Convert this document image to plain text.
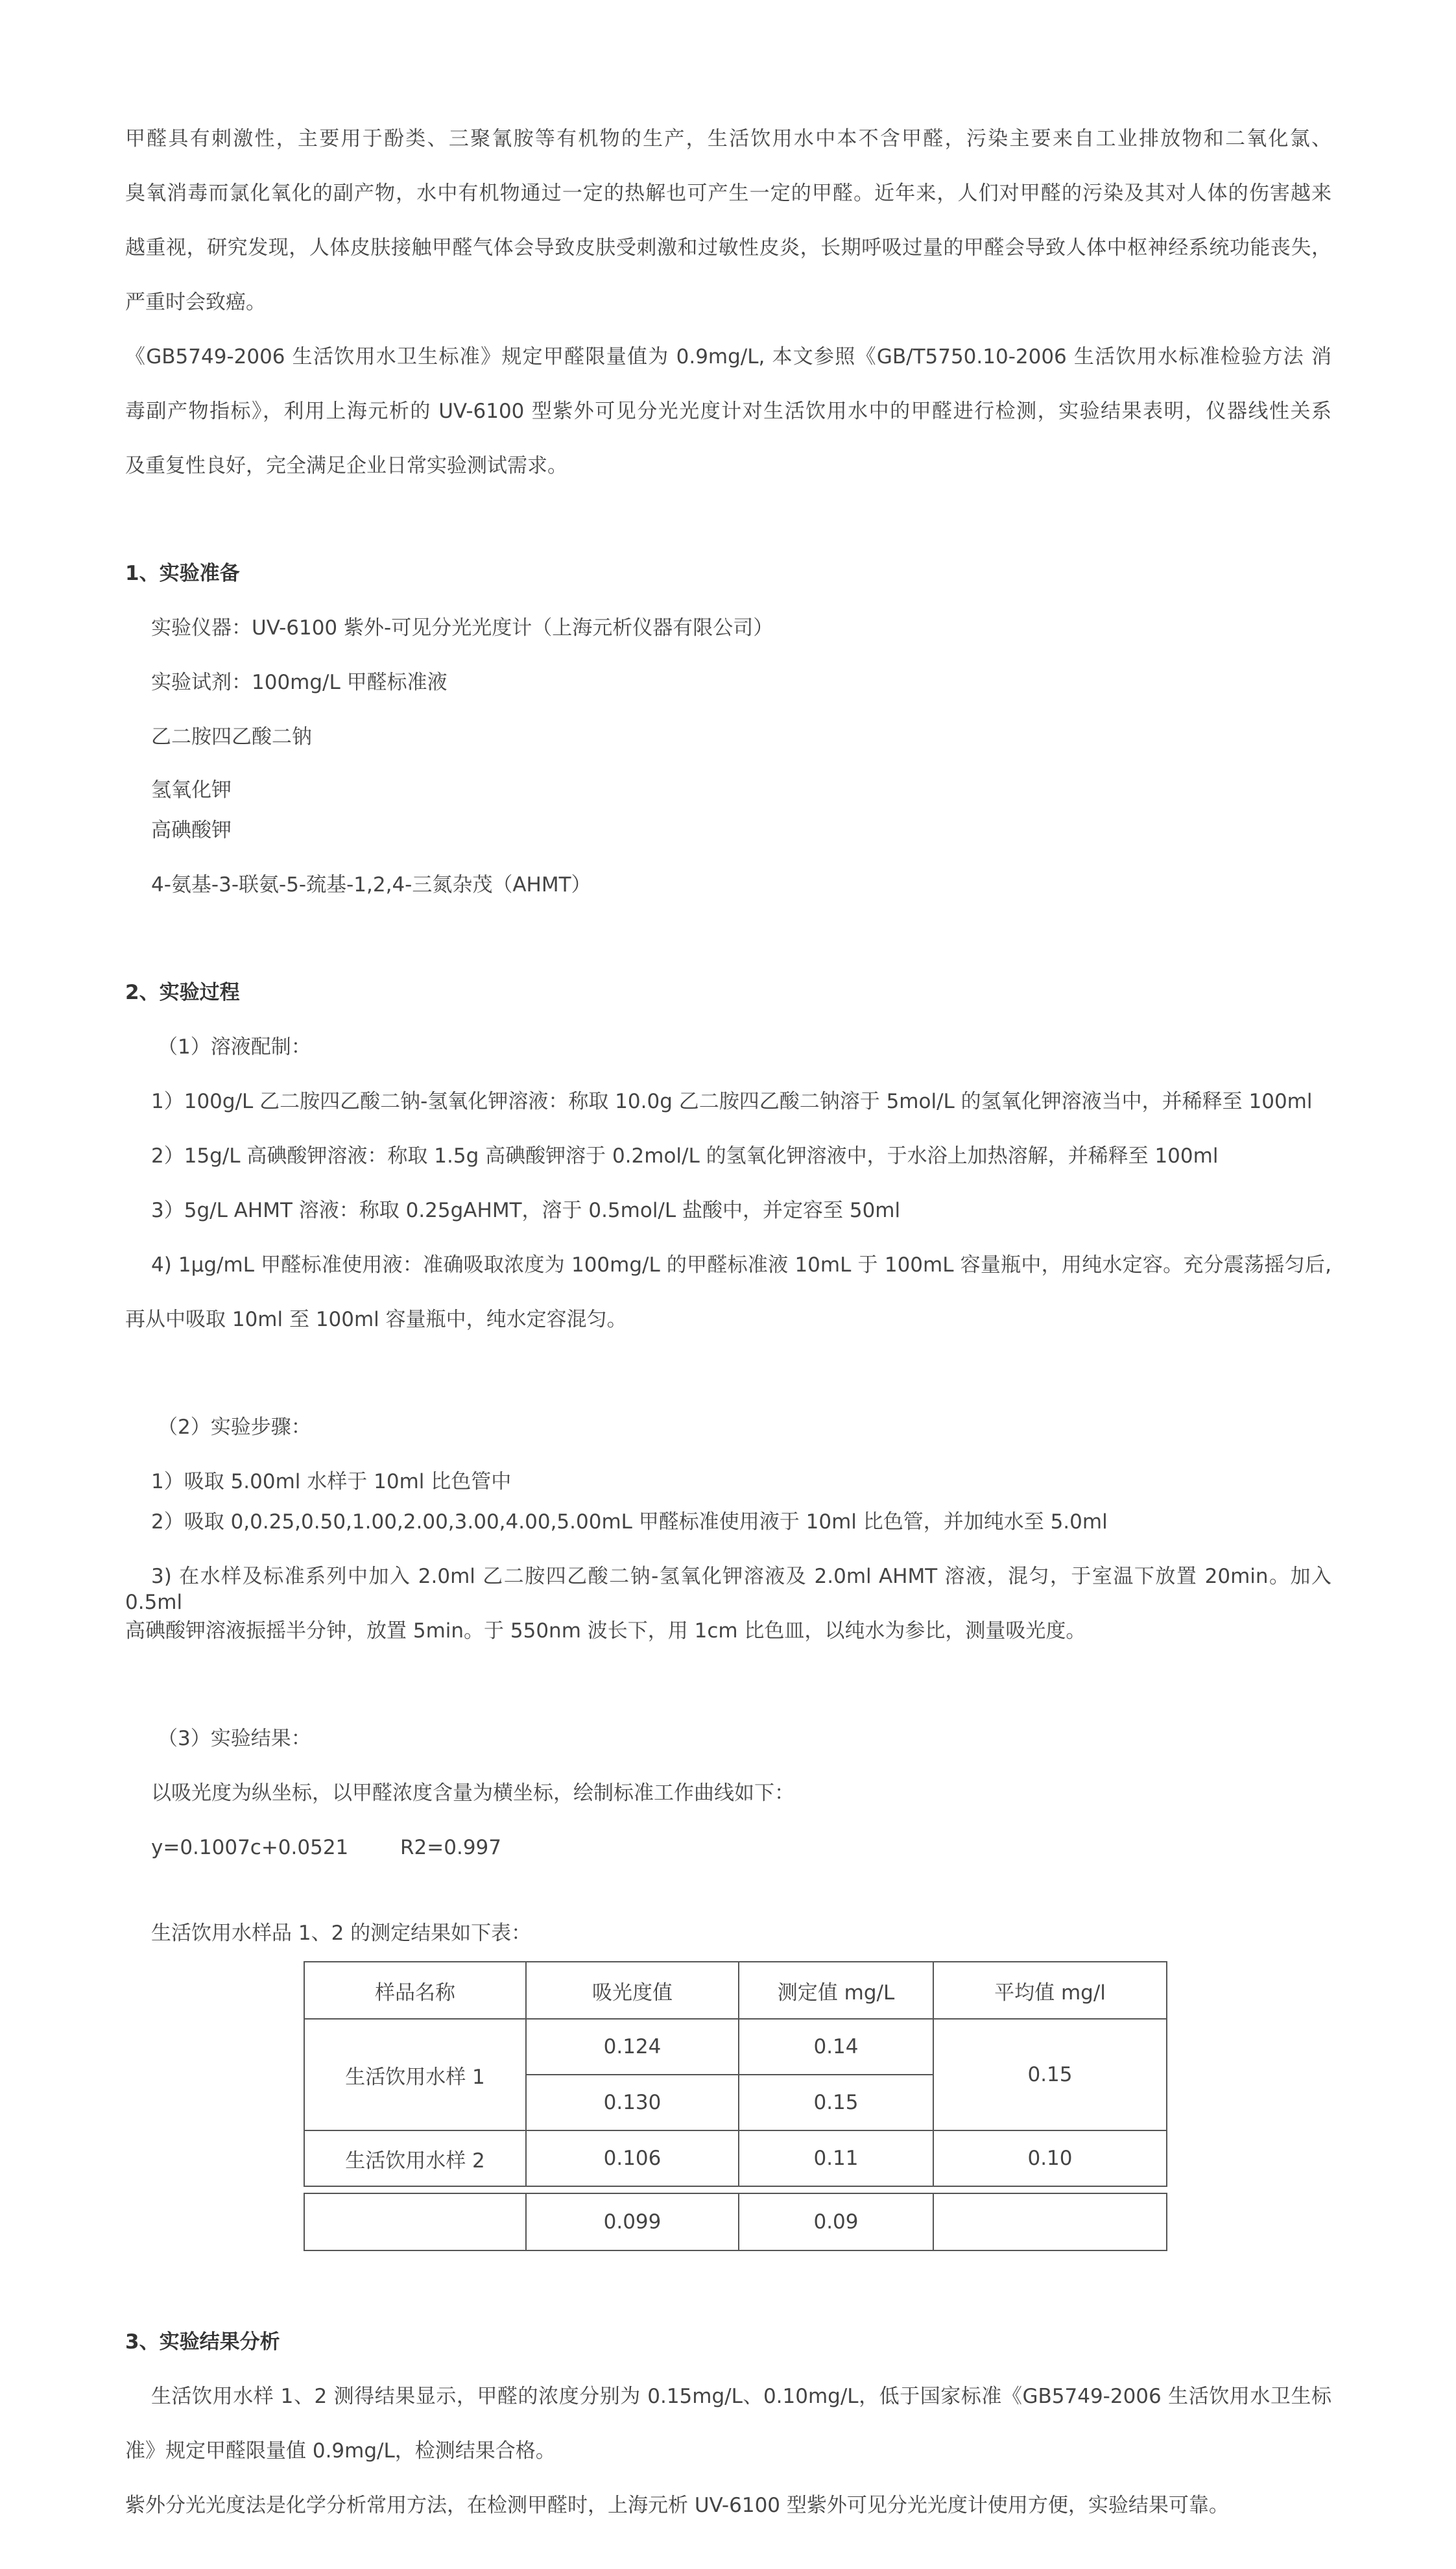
甲醛具有刺激性，主要用于酚类、三聚氰胺等有机物的生产，生活饮用水中本不含甲醛，污染主要来自工业排放物和二氧化氯、
臭氧消毒而氯化氧化的副产物，水中有机物通过一定的热解也可产生一定的甲醛。近年来，人们对甲醛的污染及其对人体的伤害越来
越重视，研究发现，人体皮肤接触甲醛气体会导致皮肤受刺激和过敏性皮炎，长期呼吸过量的甲醛会导致人体中枢神经系统功能丧失，
严重时会致癌。
《GB5749-2006 生活饮用水卫生标准》规定甲醛限量值为 0.9mg/L, 本文参照《GB/T5750.10-2006 生活饮用水标准检验方法 消
毒副产物指标》，利用上海元析的 UV-6100 型紫外可见分光光度计对生活饮用水中的甲醛进行检测，实验结果表明，仪器线性关系
及重复性良好，完全满足企业日常实验测试需求。
1、实验准备
实验仪器：UV-6100 紫外-可见分光光度计（上海元析仪器有限公司）
实验试剂：100mg/L 甲醛标准液
乙二胺四乙酸二钠
氢氧化钾
高碘酸钾
4-氨基-3-联氨-5-巯基-1,2,4-三氮杂茂（AHMT）
2、实验过程
（1）溶液配制：
1）100g/L 乙二胺四乙酸二钠-氢氧化钾溶液：称取 10.0g 乙二胺四乙酸二钠溶于 5mol/L 的氢氧化钾溶液当中，并稀释至 100ml
2）15g/L 高碘酸钾溶液：称取 1.5g 高碘酸钾溶于 0.2mol/L 的氢氧化钾溶液中，于水浴上加热溶解，并稀释至 100ml
3）5g/L AHMT 溶液：称取 0.25gAHMT，溶于 0.5mol/L 盐酸中，并定容至 50ml
4) 1μg/mL 甲醛标准使用液：准确吸取浓度为 100mg/L 的甲醛标准液 10mL 于 100mL 容量瓶中，用纯水定容。充分震荡摇匀后,
再从中吸取 10ml 至 100ml 容量瓶中，纯水定容混匀。
（2）实验步骤：
1）吸取 5.00ml 水样于 10ml 比色管中
2）吸取 0,0.25,0.50,1.00,2.00,3.00,4.00,5.00mL 甲醛标准使用液于 10ml 比色管，并加纯水至 5.0ml
3) 在水样及标准系列中加入 2.0ml 乙二胺四乙酸二钠-氢氧化钾溶液及 2.0ml AHMT 溶液，混匀，于室温下放置 20min。加入 0.5ml
高碘酸钾溶液振摇半分钟，放置 5min。于 550nm 波长下，用 1cm 比色皿，以纯水为参比，测量吸光度。
（3）实验结果：
以吸光度为纵坐标，以甲醛浓度含量为横坐标，绘制标准工作曲线如下：
y=0.1007c+0.0521	R2=0.997
生活饮用水样品 1、2 的测定结果如下表：
样品名称	吸光度值	测定值 mg/L	平均值 mg/l
生活饮用水样 1	0.124	0.14	0.15
	0.130	0.15	
生活饮用水样 2	0.106	0.11	0.10
	0.099	0.09	
3、实验结果分析
生活饮用水样 1、2 测得结果显示，甲醛的浓度分别为 0.15mg/L、0.10mg/L，低于国家标准《GB5749-2006 生活饮用水卫生标
准》规定甲醛限量值 0.9mg/L，检测结果合格。
紫外分光光度法是化学分析常用方法，在检测甲醛时，上海元析 UV-6100 型紫外可见分光光度计使用方便，实验结果可靠。
